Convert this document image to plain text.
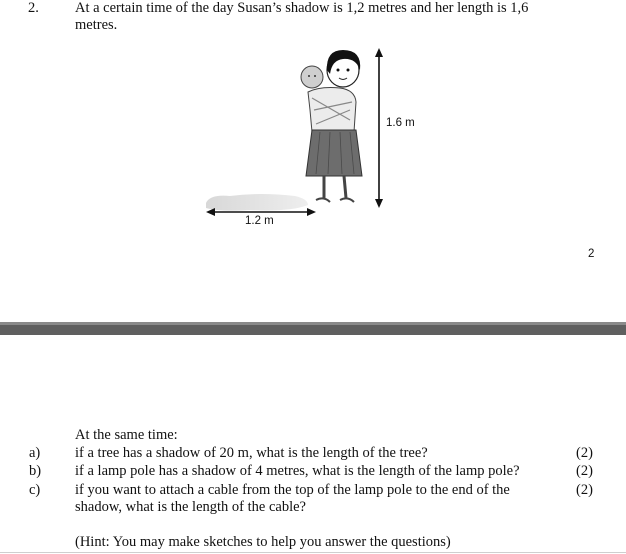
2. At a certain time of the day Susan’s shadow is 1,2 metres and her length is 1,6 metres.
1.6 m
1.2 m
2
At the same time:
a) if a tree has a shadow of 20 m, what is the length of the tree?	(2)
b) if a lamp pole has a shadow of 4 metres, what is the length of the lamp pole?	(2)
c) if you want to attach a cable from the top of the lamp pole to the end of the shadow, what is the length of the cable?
(2)
(Hint: You may make sketches to help you answer the questions)
